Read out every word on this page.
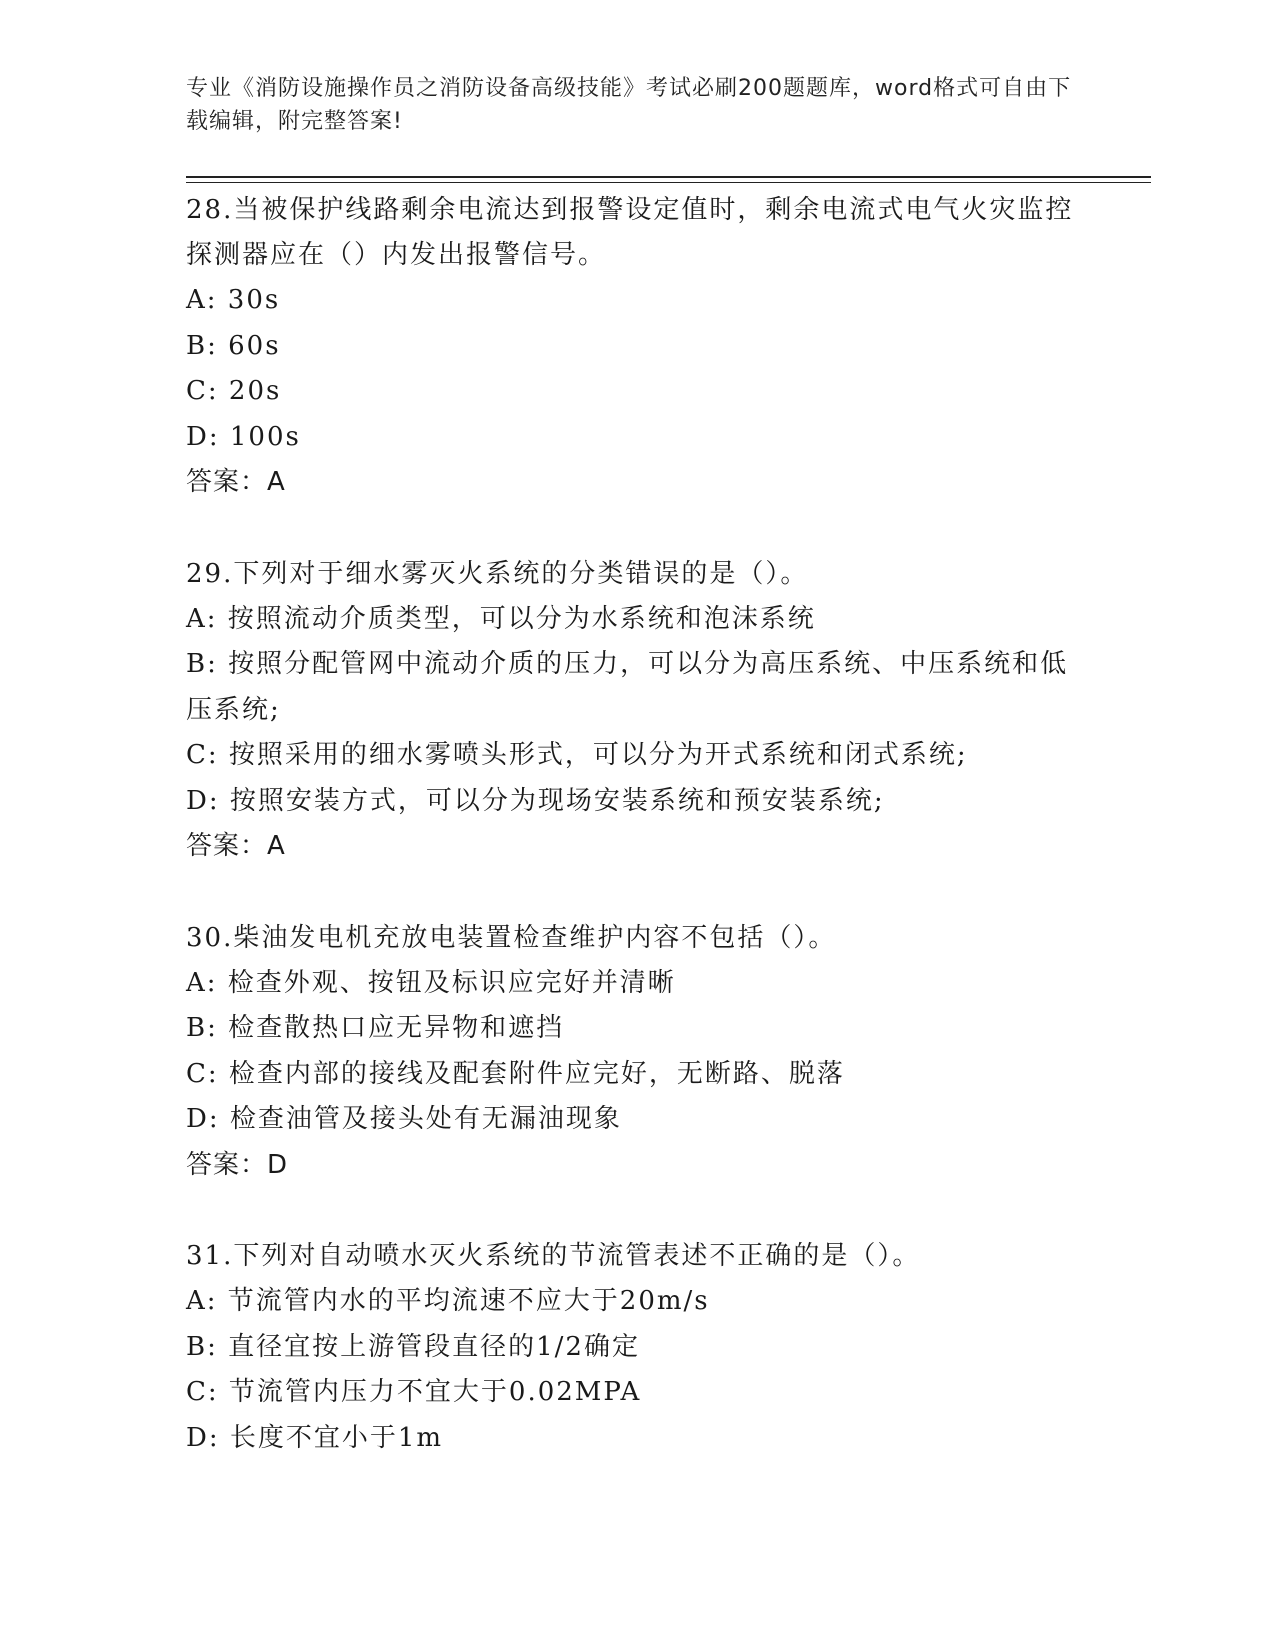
专业《消防设施操作员之消防设备高级技能》考试必刷200题题库，word格式可自由下载编辑，附完整答案!

28.当被保护线路剩余电流达到报警设定值时，剩余电流式电气火灾监控探测器应在（）内发出报警信号。

A: 30s

B: 60s

C: 20s

D: 100s

答案：A

29.下列对于细水雾灭火系统的分类错误的是（）。

A: 按照流动介质类型，可以分为水系统和泡沫系统

B: 按照分配管网中流动介质的压力，可以分为高压系统、中压系统和低压系统;

C: 按照采用的细水雾喷头形式，可以分为开式系统和闭式系统;

D: 按照安装方式，可以分为现场安装系统和预安装系统;

答案：A

30.柴油发电机充放电装置检查维护内容不包括（）。

A: 检查外观、按钮及标识应完好并清晰

B: 检查散热口应无异物和遮挡

C: 检查内部的接线及配套附件应完好，无断路、脱落

D: 检查油管及接头处有无漏油现象

答案：D

31.下列对自动喷水灭火系统的节流管表述不正确的是（）。

A: 节流管内水的平均流速不应大于20m/s

B: 直径宜按上游管段直径的1/2确定

C: 节流管内压力不宜大于0.02MPA

D: 长度不宜小于1m
